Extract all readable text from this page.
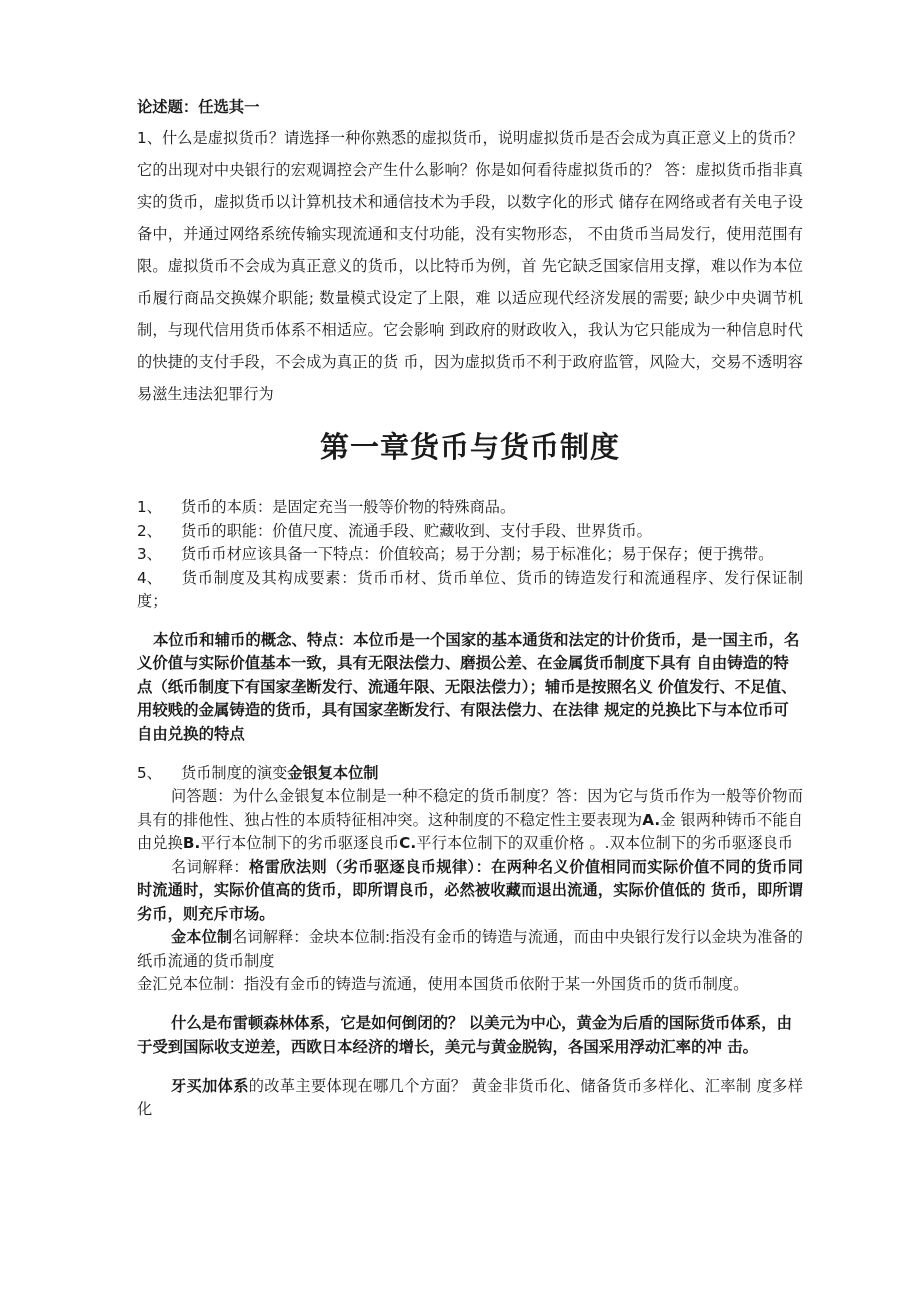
论述题：任选其一

1、什么是虚拟货币？请选择一种你熟悉的虚拟货币，说明虚拟货币是否会成为真正意义上的货币？它的出现对中央银行的宏观调控会产生什么影响？你是如何看待虚拟货币的？ 答：虚拟货币指非真实的货币，虚拟货币以计算机技术和通信技术为手段，以数字化的形式 储存在网络或者有关电子设备中，并通过网络系统传输实现流通和支付功能，没有实物形态， 不由货币当局发行，使用范围有限。虚拟货币不会成为真正意义的货币，以比特币为例，首 先它缺乏国家信用支撑，难以作为本位币履行商品交换媒介职能; 数量模式设定了上限，难 以适应现代经济发展的需要; 缺少中央调节机制，与现代信用货币体系不相适应。它会影响 到政府的财政收入，我认为它只能成为一种信息时代的快捷的支付手段，不会成为真正的货 币，因为虚拟货币不利于政府监管，风险大，交易不透明容易滋生违法犯罪行为

第一章货币与货币制度

1、 货币的本质：是固定充当一般等价物的特殊商品。

2、 货币的职能：价值尺度、流通手段、贮藏收到、支付手段、世界货币。

3、 货币币材应该具备一下特点：价值较高；易于分割；易于标准化；易于保存；便于携带。

4、 货币制度及其构成要素：货币币材、货币单位、货币的铸造发行和流通程序、发行保证制度；

本位币和辅币的概念、特点：本位币是一个国家的基本通货和法定的计价货币，是一国主币，名义价值与实际价值基本一致，具有无限法偿力、磨损公差、在金属货币制度下具有 自由铸造的特点（纸币制度下有国家垄断发行、流通年限、无限法偿力）；辅币是按照名义 价值发行、不足值、用较贱的金属铸造的货币，具有国家垄断发行、有限法偿力、在法律 规定的兑换比下与本位币可自由兑换的特点

5、 货币制度的演变金银复本位制

问答题：为什么金银复本位制是一种不稳定的货币制度？答：因为它与货币作为一般等价物而具有的排他性、独占性的本质特征相冲突。这种制度的不稳定性主要表现为A.金 银两种铸币不能自由兑换B.平行本位制下的劣币驱逐良币C.平行本位制下的双重价格 。.双本位制下的劣币驱逐良币

名词解释：格雷欣法则（劣币驱逐良币规律）：在两种名义价值相同而实际价值不同的货币同时流通时，实际价值高的货币，即所谓良币，必然被收藏而退出流通，实际价值低的 货币，即所谓劣币，则充斥市场。

金本位制名词解释：金块本位制:指没有金币的铸造与流通，而由中央银行发行以金块为准备的纸币流通的货币制度

金汇兑本位制：指没有金币的铸造与流通，使用本国货币依附于某一外国货币的货币制度。

什么是布雷顿森林体系，它是如何倒闭的？ 以美元为中心，黄金为后盾的国际货币体系，由于受到国际收支逆差，西欧日本经济的增长，美元与黄金脱钩，各国采用浮动汇率的冲 击。

牙买加体系的改革主要体现在哪几个方面？ 黄金非货币化、储备货币多样化、汇率制 度多样化
